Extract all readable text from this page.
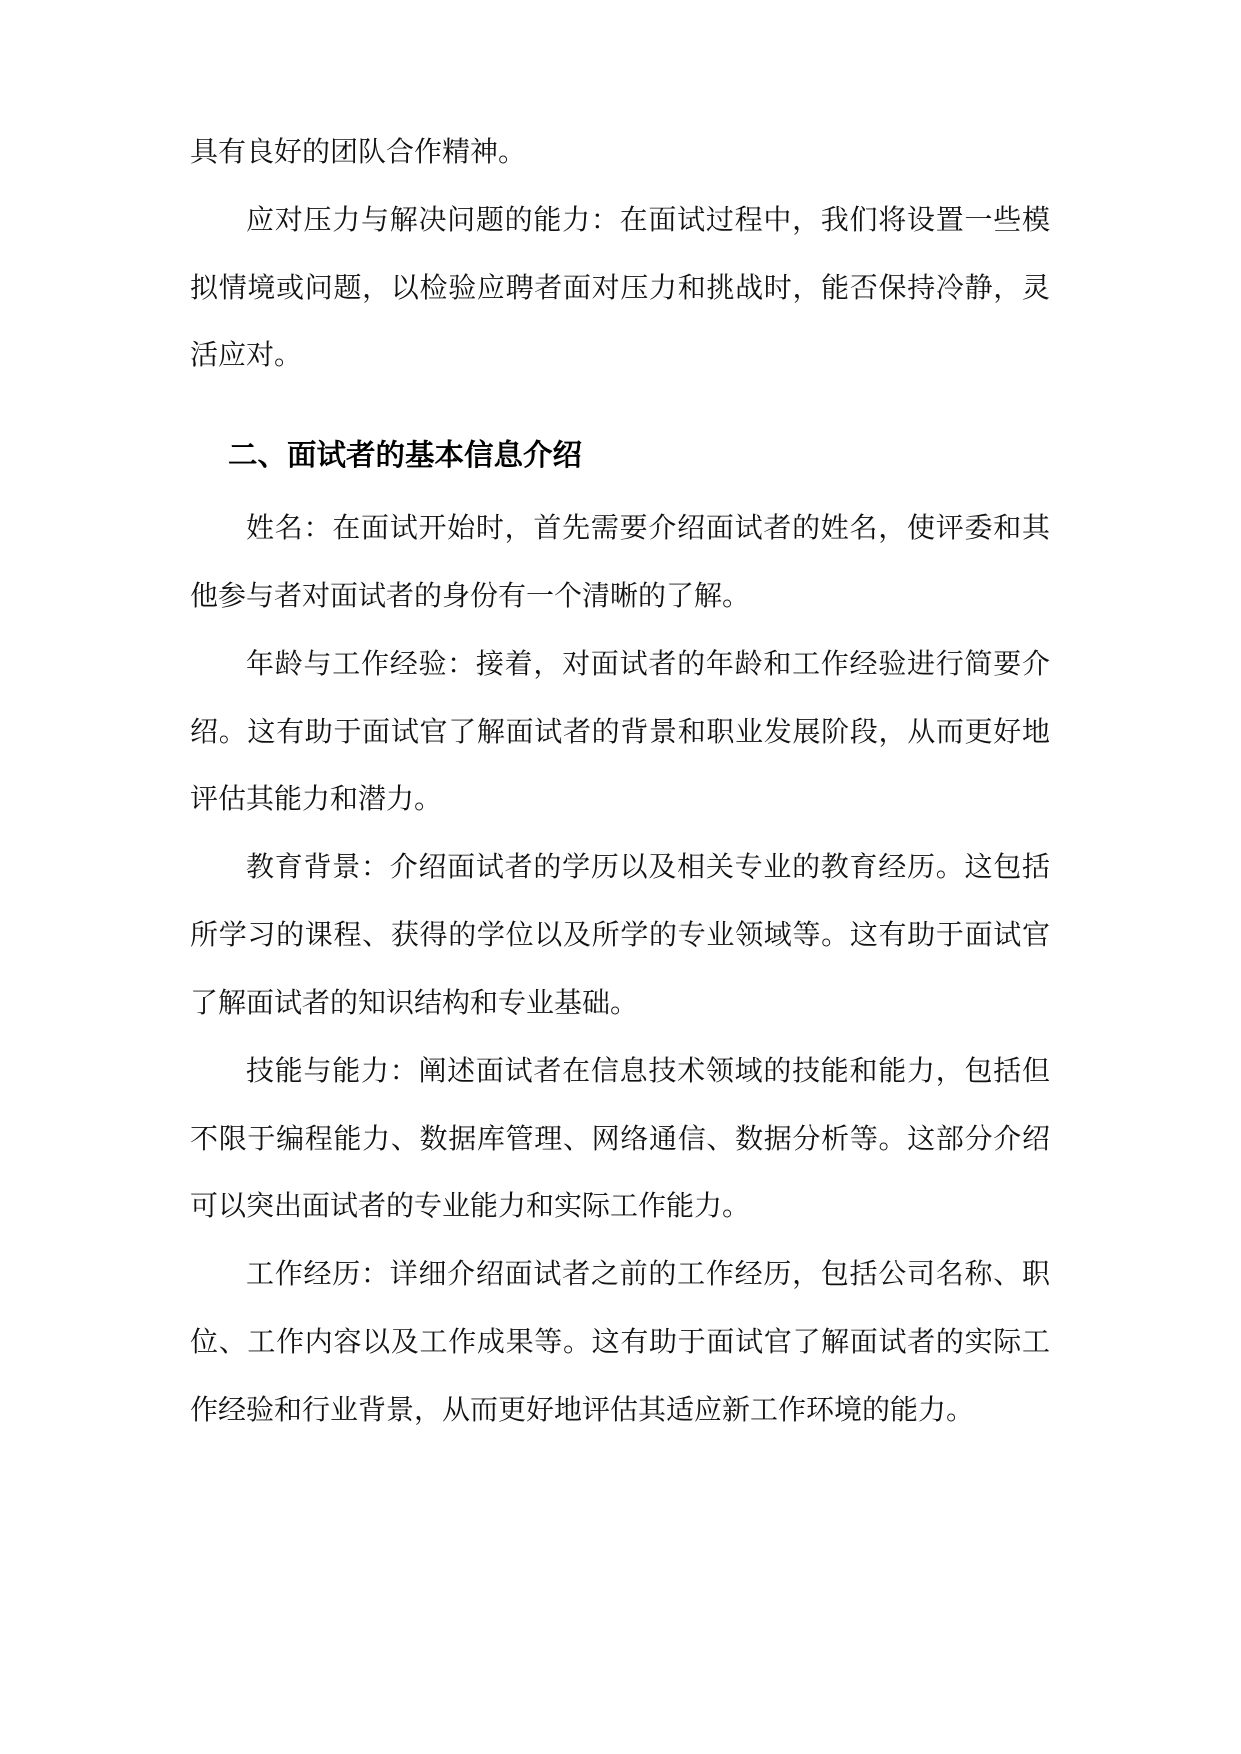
具有良好的团队合作精神。
应对压力与解决问题的能力：在面试过程中，我们将设置一些模
拟情境或问题，以检验应聘者面对压力和挑战时，能否保持冷静，灵
活应对。
二、面试者的基本信息介绍
姓名：在面试开始时，首先需要介绍面试者的姓名，使评委和其
他参与者对面试者的身份有一个清晰的了解。
年龄与工作经验：接着，对面试者的年龄和工作经验进行简要介
绍。这有助于面试官了解面试者的背景和职业发展阶段，从而更好地
评估其能力和潜力。
教育背景：介绍面试者的学历以及相关专业的教育经历。这包括
所学习的课程、获得的学位以及所学的专业领域等。这有助于面试官
了解面试者的知识结构和专业基础。
技能与能力：阐述面试者在信息技术领域的技能和能力，包括但
不限于编程能力、数据库管理、网络通信、数据分析等。这部分介绍
可以突出面试者的专业能力和实际工作能力。
工作经历：详细介绍面试者之前的工作经历，包括公司名称、职
位、工作内容以及工作成果等。这有助于面试官了解面试者的实际工
作经验和行业背景，从而更好地评估其适应新工作环境的能力。
